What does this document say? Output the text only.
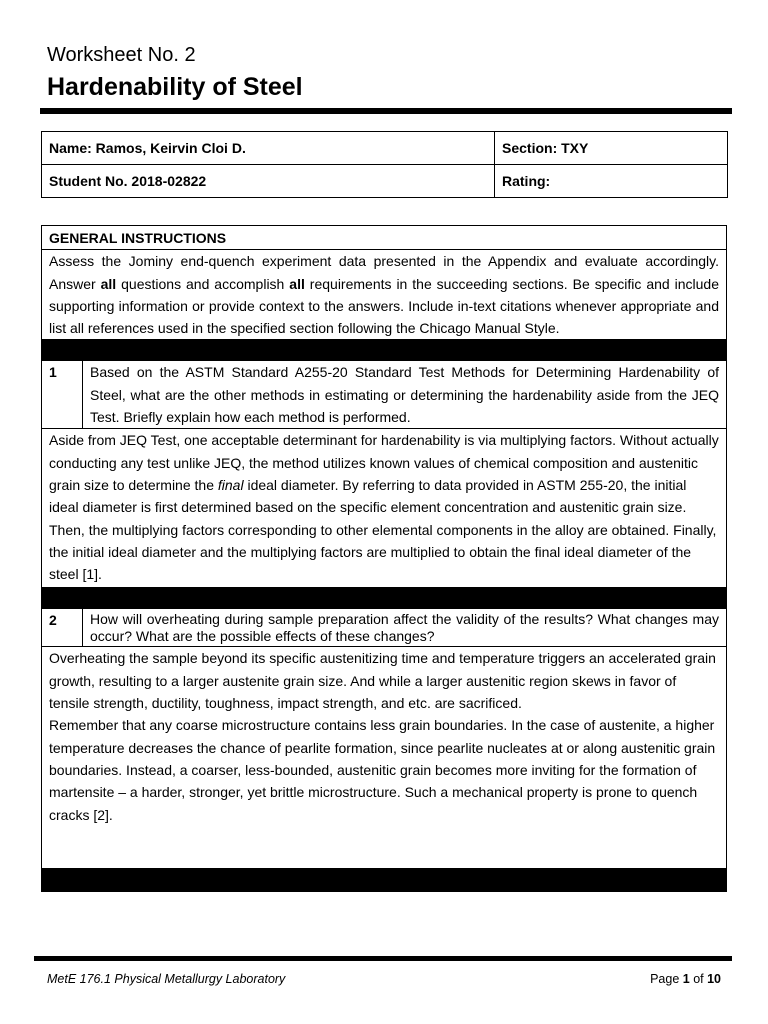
Worksheet No. 2
Hardenability of Steel
Name: Ramos, Keirvin Cloi D.	Section: TXY
Student No. 2018-02822	Rating:
GENERAL INSTRUCTIONS	
Assess the Jominy end-quench experiment data presented in the Appendix and evaluate accordingly. Answer all questions and accomplish all requirements in the succeeding sections. Be specific and include supporting information or provide context to the answers. Include in-text citations whenever appropriate and list all references used in the specified section following the Chicago Manual Style.	

1	Based on the ASTM Standard A255-20 Standard Test Methods for Determining Hardenability of Steel, what are the other methods in estimating or determining the hardenability aside from the JEQ Test. Briefly explain how each method is performed.
Aside from JEQ Test, one acceptable determinant for hardenability is via multiplying factors. Without actually conducting any test unlike JEQ, the method utilizes known values of chemical composition and austenitic grain size to determine the final ideal diameter. By referring to data provided in ASTM 255-20, the initial ideal diameter is first determined based on the specific element concentration and austenitic grain size. Then, the multiplying factors corresponding to other elemental components in the alloy are obtained. Finally, the initial ideal diameter and the multiplying factors are multiplied to obtain the final ideal diameter of the steel [1].	

2	How will overheating during sample preparation affect the validity of the results? What changes may occur? What are the possible effects of these changes?

Overheating the sample beyond its specific austenitizing time and temperature triggers an accelerated grain growth, resulting to a larger austenite grain size. And while a larger austenitic region skews in favor of tensile strength, ductility, toughness, impact strength, and etc. are sacrificed.
Remember that any coarse microstructure contains less grain boundaries. In the case of austenite, a higher temperature decreases the chance of pearlite formation, since pearlite nucleates at or along austenitic grain boundaries. Instead, a coarser, less-bounded, austenitic grain becomes more inviting for the formation of martensite – a harder, stronger, yet brittle microstructure. Such a mechanical property is prone to quench cracks [2].	

MetE 176.1 Physical Metallurgy Laboratory	Page 1 of 10
